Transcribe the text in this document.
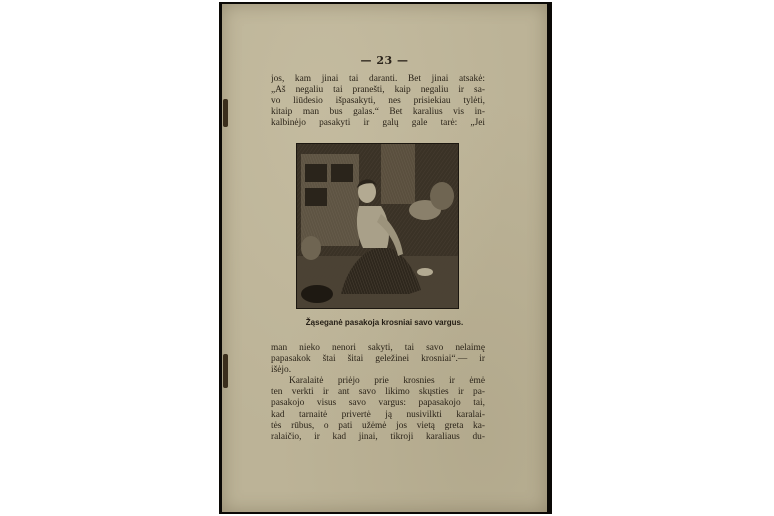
— 23 —
jos, kam jinai tai daranti. Bet jinai atsakė:
„Aš negaliu tai pranešti, kaip negaliu ir sa-
vo liūdesio išpasakyti, nes prisiekiau tylėti,
kitaip man bus galas.“ Bet karalius vis in-
kalbinėjo pasakyti ir galų gale tarė: „Jei
Žąseganė pasakoja krosniai savo vargus.
man nieko nenori sakyti, tai savo nelaimę
papasakok štai šitai geležinei krosniai“.— ir
išėjo.
Karalaitė priėjo prie krosnies ir ėmė
ten verkti ir ant savo likimo skųsties ir pa-
pasakojo visus savo vargus: papasakojo tai,
kad tarnaitė privertė ją nusivilkti karalai-
tės rūbus, o pati užėmė jos vietą greta ka-
ralaičio, ir kad jinai, tikroji karaliaus du-
